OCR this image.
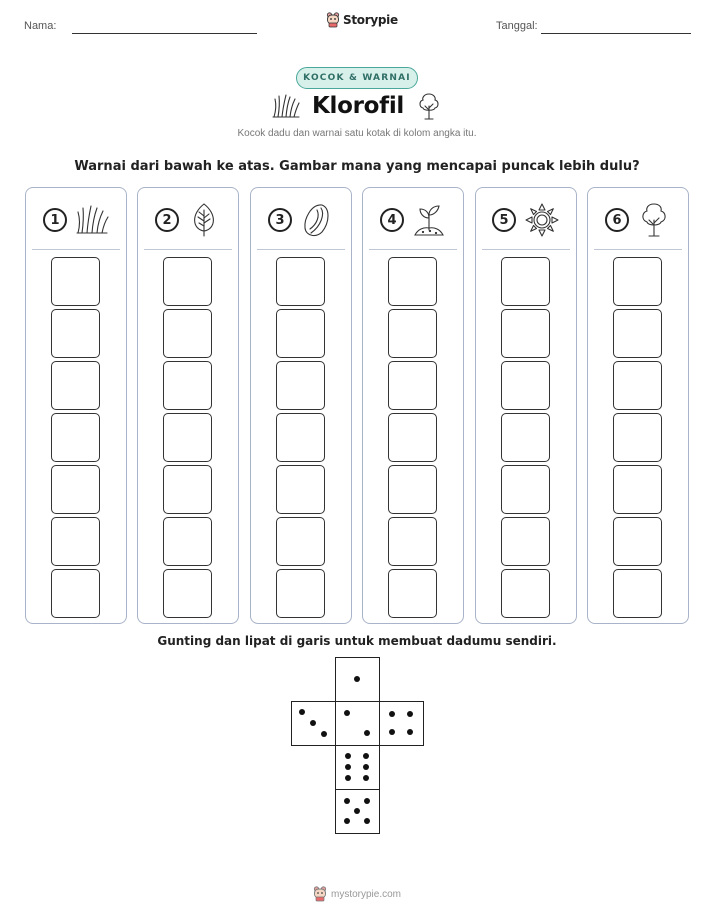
Nama:	Storypie	Tanggal:
KOCOK & WARNAI
Klorofil
Kocok dadu dan warnai satu kotak di kolom angka itu.
Warnai dari bawah ke atas. Gambar mana yang mencapai puncak lebih dulu?
1	2	3	4	5	6
Gunting dan lipat di garis untuk membuat dadumu sendiri.
mystorypie.com
